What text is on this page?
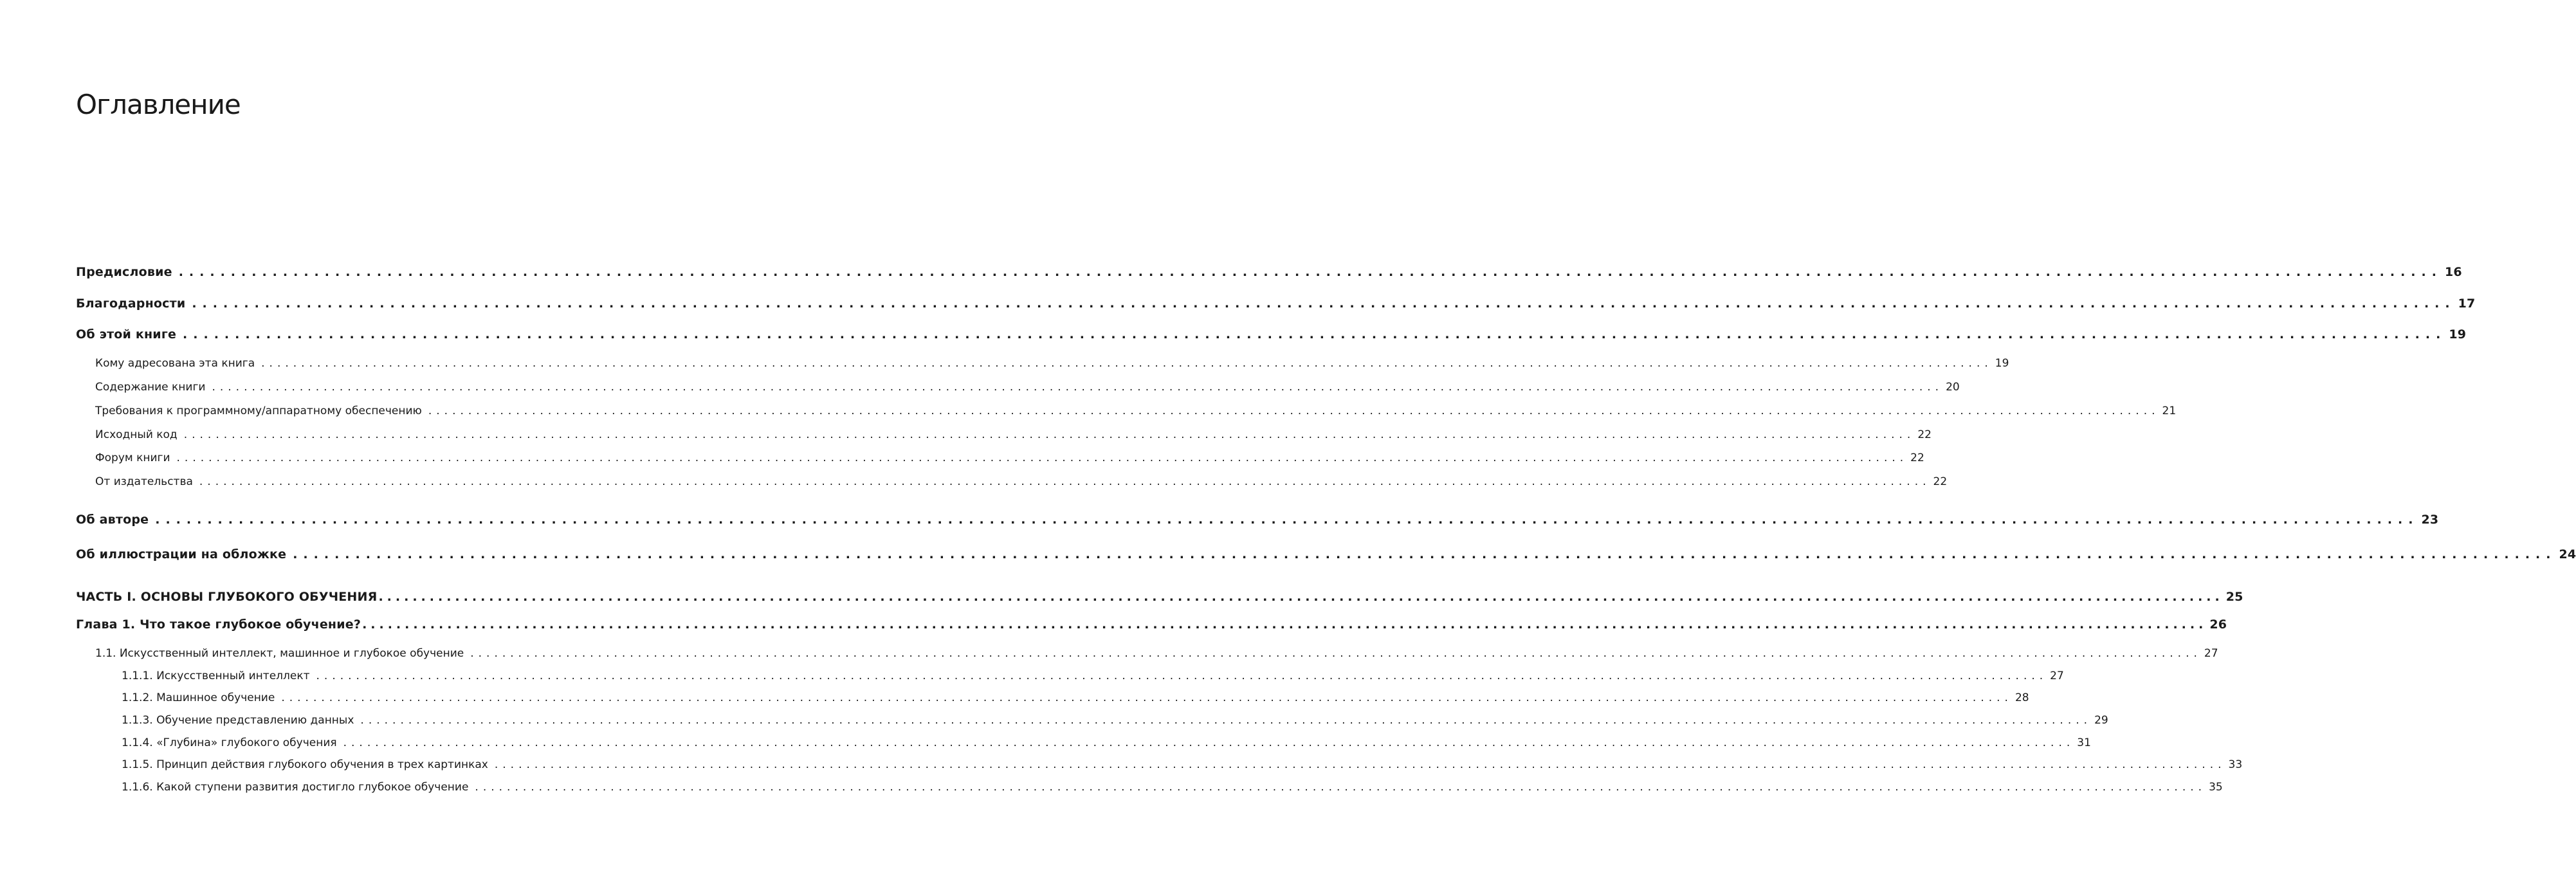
Оглавление
Предисловие ......................................................................................................................................................................................................................... 16
Благодарности ......................................................................................................................................................................................................................... 17
Об этой книге ......................................................................................................................................................................................................................... 19
Кому адресована эта книга ......................................................................................................................................................................................................................... 19
Содержание книги ......................................................................................................................................................................................................................... 20
Требования к программному/аппаратному обеспечению ......................................................................................................................................................................................................................... 21
Исходный код ......................................................................................................................................................................................................................... 22
Форум книги ......................................................................................................................................................................................................................... 22
От издательства ......................................................................................................................................................................................................................... 22
Об авторе ......................................................................................................................................................................................................................... 23
Об иллюстрации на обложке ......................................................................................................................................................................................................................... 24
ЧАСТЬ I. ОСНОВЫ ГЛУБОКОГО ОБУЧЕНИЯ ......................................................................................................................................................................................................................... 25
Глава 1. Что такое глубокое обучение? ......................................................................................................................................................................................................................... 26
1.1. Искусственный интеллект, машинное и глубокое обучение ......................................................................................................................................................................................................................... 27
1.1.1. Искусственный интеллект ......................................................................................................................................................................................................................... 27
1.1.2. Машинное обучение ......................................................................................................................................................................................................................... 28
1.1.3. Обучение представлению данных ......................................................................................................................................................................................................................... 29
1.1.4. «Глубина» глубокого обучения ......................................................................................................................................................................................................................... 31
1.1.5. Принцип действия глубокого обучения в трех картинках ......................................................................................................................................................................................................................... 33
1.1.6. Какой ступени развития достигло глубокое обучение ......................................................................................................................................................................................................................... 35
